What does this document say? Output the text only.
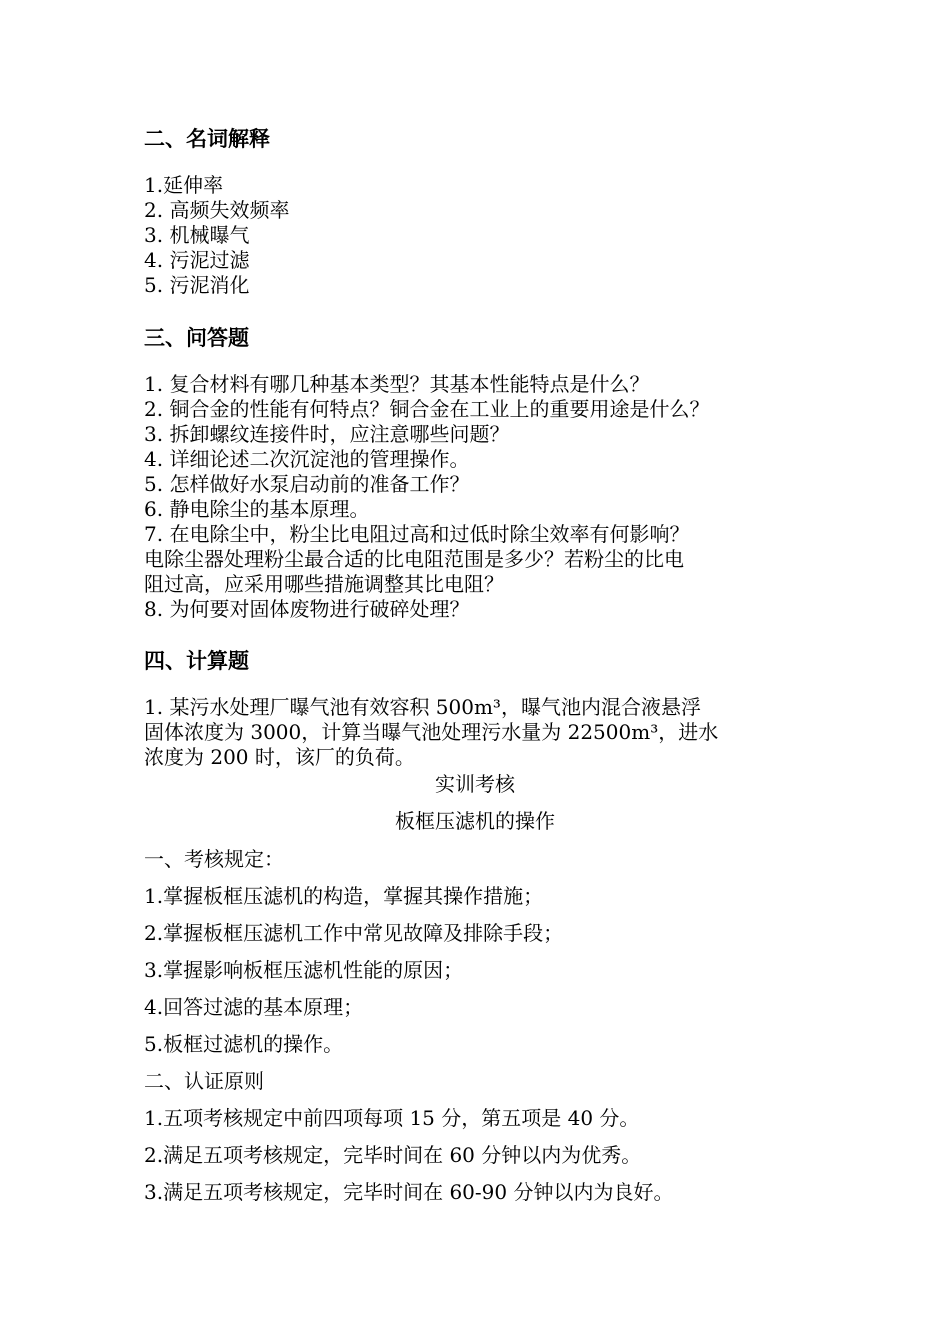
二、名词解释
1.延伸率
2. 高频失效频率
3. 机械曝气
4. 污泥过滤
5. 污泥消化
三、问答题
1. 复合材料有哪几种基本类型？其基本性能特点是什么？
2. 铜合金的性能有何特点？铜合金在工业上的重要用途是什么？
3. 拆卸螺纹连接件时，应注意哪些问题？
4. 详细论述二次沉淀池的管理操作。
5. 怎样做好水泵启动前的准备工作？
6. 静电除尘的基本原理。
7. 在电除尘中，粉尘比电阻过高和过低时除尘效率有何影响？
电除尘器处理粉尘最合适的比电阻范围是多少？若粉尘的比电
阻过高，应采用哪些措施调整其比电阻？
8. 为何要对固体废物进行破碎处理？
四、计算题
1. 某污水处理厂曝气池有效容积 500m³，曝气池内混合液悬浮
固体浓度为 3000，计算当曝气池处理污水量为 22500m³，进水
浓度为 200 时，该厂的负荷。
实训考核
板框压滤机的操作
一、考核规定：
1.掌握板框压滤机的构造，掌握其操作措施；
2.掌握板框压滤机工作中常见故障及排除手段；
3.掌握影响板框压滤机性能的原因；
4.回答过滤的基本原理；
5.板框过滤机的操作。
二、认证原则
1.五项考核规定中前四项每项 15 分，第五项是 40 分。
2.满足五项考核规定，完毕时间在 60 分钟以内为优秀。
3.满足五项考核规定，完毕时间在 60-90 分钟以内为良好。
